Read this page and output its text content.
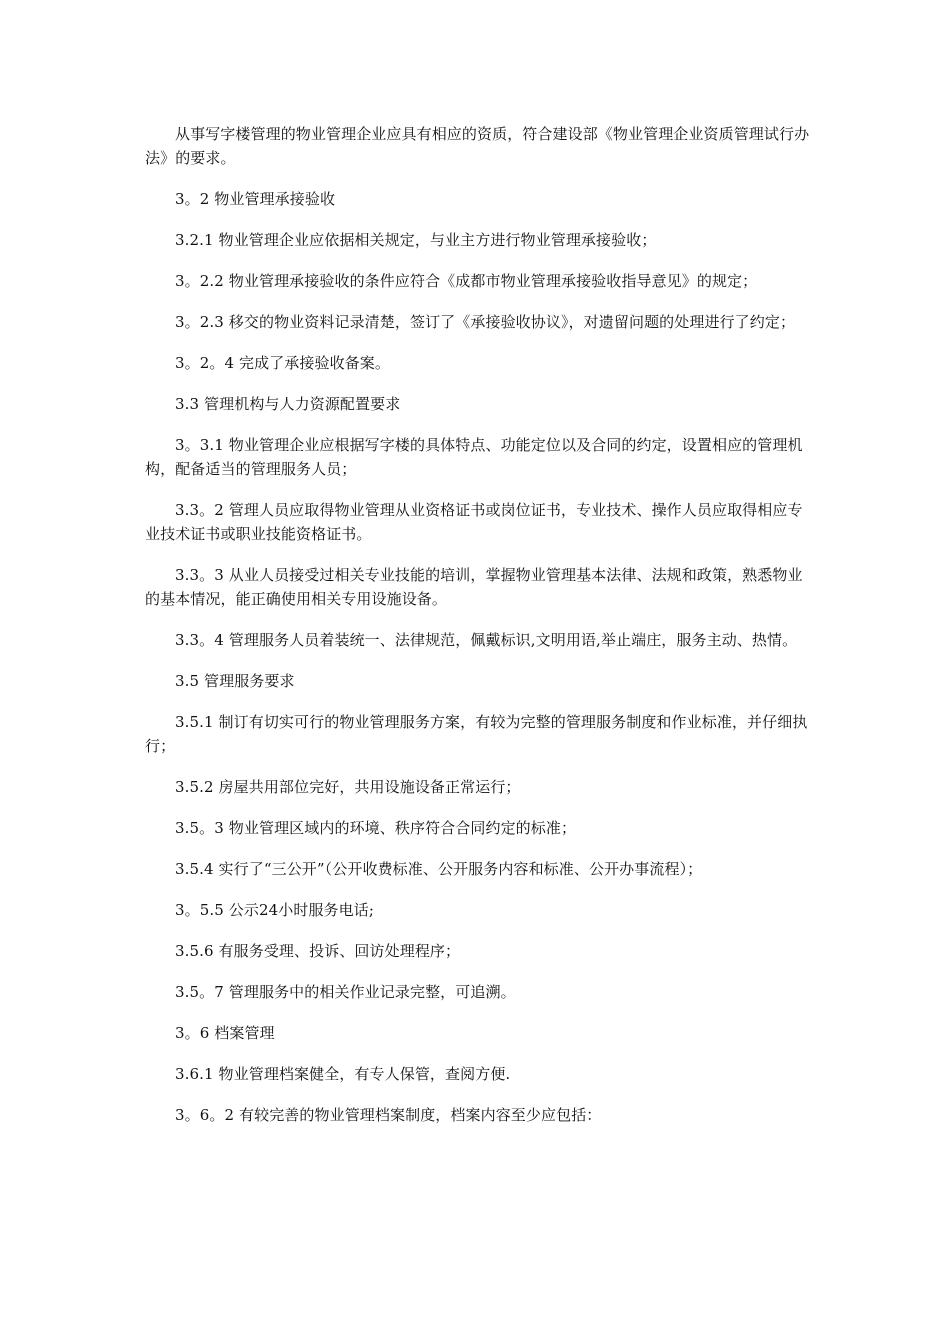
从事写字楼管理的物业管理企业应具有相应的资质，符合建设部《物业管理企业资质管理试行办法》的要求。

3。2 物业管理承接验收

3.2.1 物业管理企业应依据相关规定，与业主方进行物业管理承接验收；

3。2.2 物业管理承接验收的条件应符合《成都市物业管理承接验收指导意见》的规定；

3。2.3 移交的物业资料记录清楚，签订了《承接验收协议》，对遗留问题的处理进行了约定；

3。2。4 完成了承接验收备案。

3.3 管理机构与人力资源配置要求

3。3.1 物业管理企业应根据写字楼的具体特点、功能定位以及合同的约定，设置相应的管理机构，配备适当的管理服务人员；

3.3。2 管理人员应取得物业管理从业资格证书或岗位证书，专业技术、操作人员应取得相应专业技术证书或职业技能资格证书。

3.3。3 从业人员接受过相关专业技能的培训，掌握物业管理基本法律、法规和政策，熟悉物业的基本情况，能正确使用相关专用设施设备。

3.3。4 管理服务人员着装统一、法律规范，佩戴标识,文明用语,举止端庄，服务主动、热情。

3.5 管理服务要求

3.5.1 制订有切实可行的物业管理服务方案，有较为完整的管理服务制度和作业标准，并仔细执行；

3.5.2 房屋共用部位完好，共用设施设备正常运行；

3.5。3 物业管理区域内的环境、秩序符合合同约定的标准；

3.5.4 实行了“三公开”（公开收费标准、公开服务内容和标准、公开办事流程）；

3。5.5 公示24小时服务电话;

3.5.6 有服务受理、投诉、回访处理程序；

3.5。7 管理服务中的相关作业记录完整，可追溯。

3。6 档案管理

3.6.1 物业管理档案健全，有专人保管，查阅方便.

3。6。2 有较完善的物业管理档案制度，档案内容至少应包括：
